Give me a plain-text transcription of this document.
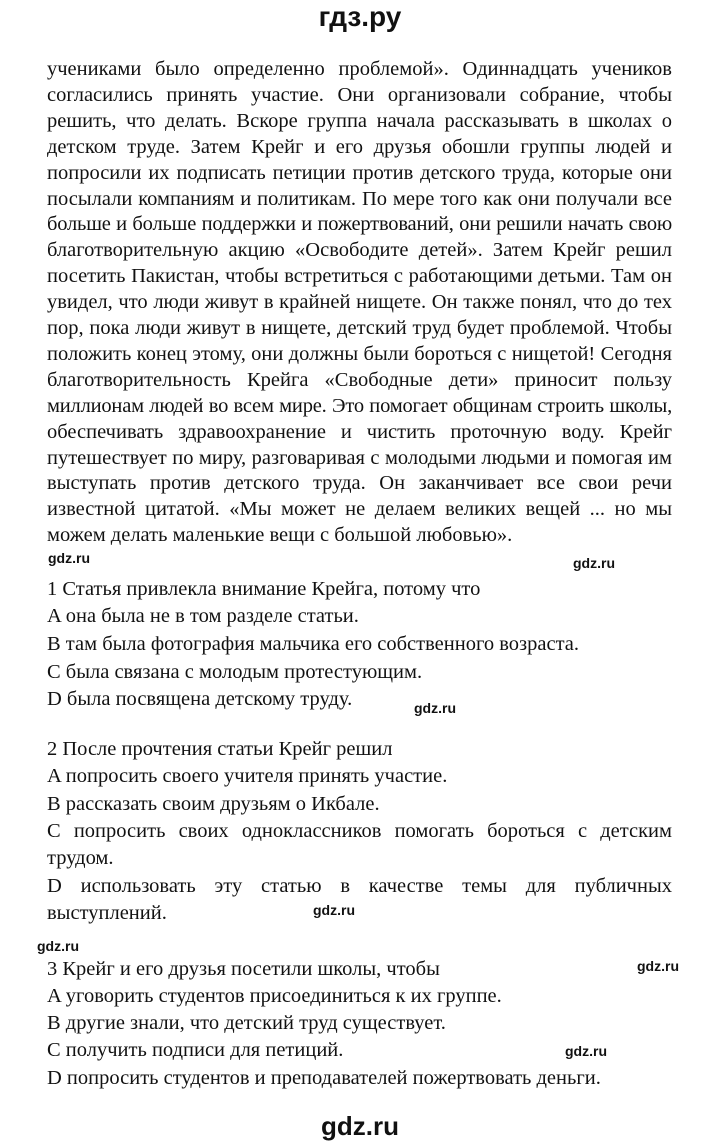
гдз.ру
учениками было определенно проблемой». Одиннадцать учеников
согласились принять участие. Они организовали собрание, чтобы
решить, что делать. Вскоре группа начала рассказывать в школах о
детском труде. Затем Крейг и его друзья обошли группы людей и
попросили их подписать петиции против детского труда, которые они
посылали компаниям и политикам. По мере того как они получали все
больше и больше поддержки и пожертвований, они решили начать свою
благотворительную акцию «Освободите детей». Затем Крейг решил
посетить Пакистан, чтобы встретиться с работающими детьми. Там он
увидел, что люди живут в крайней нищете. Он также понял, что до тех
пор, пока люди живут в нищете, детский труд будет проблемой. Чтобы
положить конец этому, они должны были бороться с нищетой! Сегодня
благотворительность Крейга «Свободные дети» приносит пользу
миллионам людей во всем мире. Это помогает общинам строить школы,
обеспечивать здравоохранение и чистить проточную воду. Крейг
путешествует по миру, разговаривая с молодыми людьми и помогая им
выступать против детского труда. Он заканчивает все свои речи
известной цитатой. «Мы может не делаем великих вещей ... но мы
можем делать маленькие вещи с большой любовью».
1 Статья привлекла внимание Крейга, потому что
A она была не в том разделе статьи.
B там была фотография мальчика его собственного возраста.
C была связана с молодым протестующим.
D была посвящена детскому труду.
2 После прочтения статьи Крейг решил
A попросить своего учителя принять участие.
B рассказать своим друзьям о Икбале.
C попросить своих одноклассников помогать бороться с детским
трудом.
D использовать эту статью в качестве темы для публичных
выступлений.
3 Крейг и его друзья посетили школы, чтобы
A уговорить студентов присоединиться к их группе.
B другие знали, что детский труд существует.
C получить подписи для петиций.
D попросить студентов и преподавателей пожертвовать деньги.
gdz.ru	gdz.ru
gdz.ru
gdz.ru
gdz.ru
gdz.ru
gdz.ru
gdz.ru
